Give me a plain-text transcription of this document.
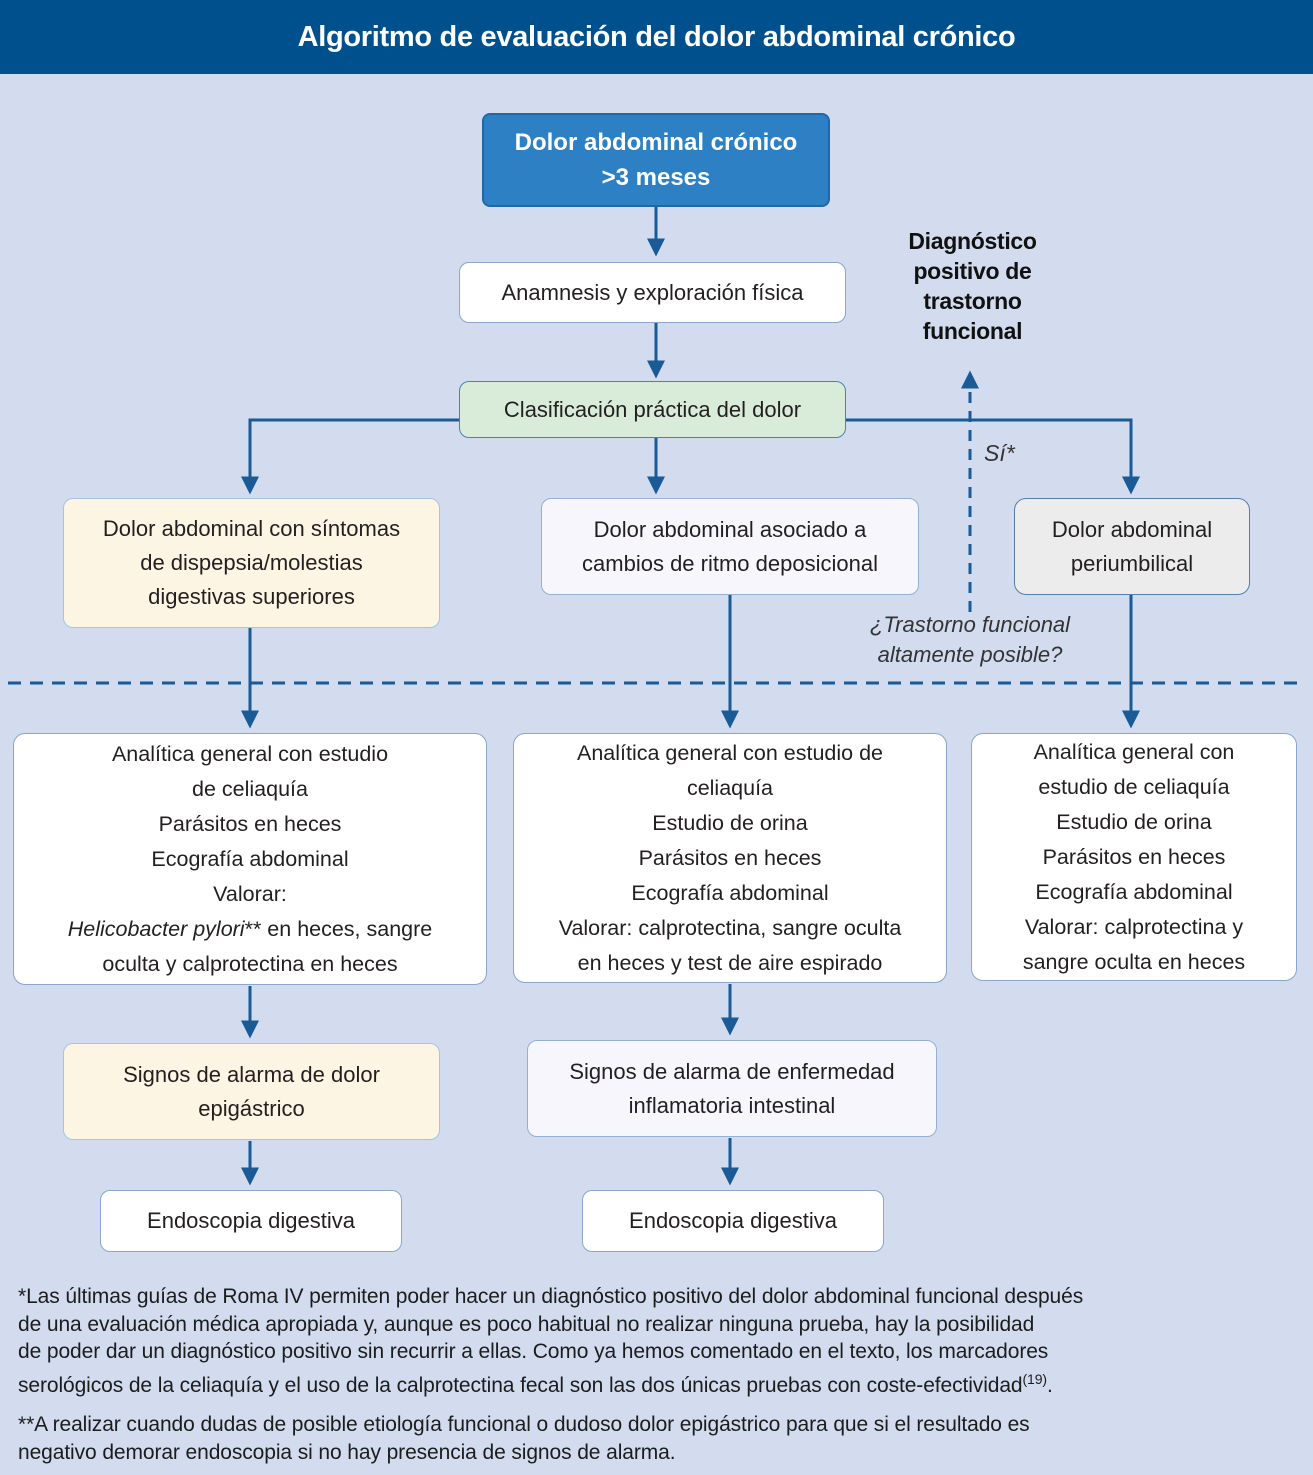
Algoritmo de evaluación del dolor abdominal crónico
Dolor abdominal crónico
>3 meses
Anamnesis y exploración física
Clasificación práctica del dolor
Diagnóstico
positivo de
trastorno
funcional
Sí*
¿Trastorno funcional
altamente posible?
Dolor abdominal con síntomas
de dispepsia/molestias
digestivas superiores
Dolor abdominal asociado a
cambios de ritmo deposicional
Dolor abdominal
periumbilical
Analítica general con estudio
de celiaquía
Parásitos en heces
Ecografía abdominal
Valorar:
Helicobacter pylori** en heces, sangre
oculta y calprotectina en heces
Analítica general con estudio de
celiaquía
Estudio de orina
Parásitos en heces
Ecografía abdominal
Valorar: calprotectina, sangre oculta
en heces y test de aire espirado
Analítica general con
estudio de celiaquía
Estudio de orina
Parásitos en heces
Ecografía abdominal
Valorar: calprotectina y
sangre oculta en heces
Signos de alarma de dolor
epigástrico
Signos de alarma de enfermedad
inflamatoria intestinal
Endoscopia digestiva	Endoscopia digestiva
*Las últimas guías de Roma IV permiten poder hacer un diagnóstico positivo del dolor abdominal funcional después
de una evaluación médica apropiada y, aunque es poco habitual no realizar ninguna prueba, hay la posibilidad
de poder dar un diagnóstico positivo sin recurrir a ellas. Como ya hemos comentado en el texto, los marcadores
serológicos de la celiaquía y el uso de la calprotectina fecal son las dos únicas pruebas con coste-efectividad$^{(19)}$.
**A realizar cuando dudas de posible etiología funcional o dudoso dolor epigástrico para que si el resultado es
negativo demorar endoscopia si no hay presencia de signos de alarma.
